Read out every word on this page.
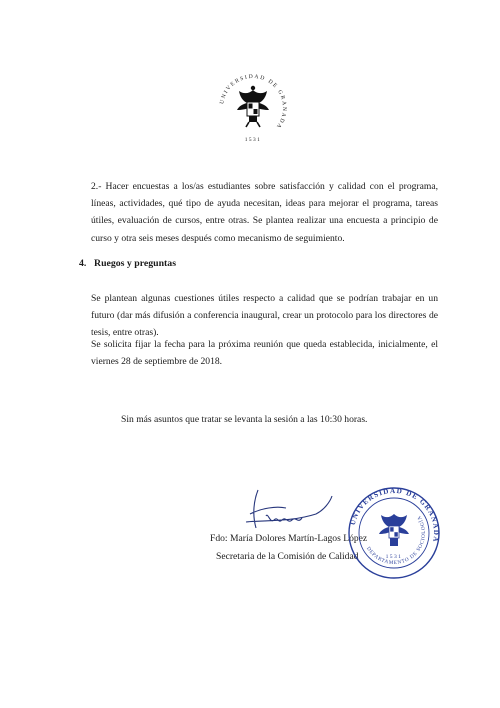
UNIVERSIDAD DE GRANADA
1531

2.- Hacer encuestas a los/as estudiantes sobre satisfacción y calidad con el programa, líneas, actividades, qué tipo de ayuda necesitan, ideas para mejorar el programa, tareas útiles, evaluación de cursos, entre otras. Se plantea realizar una encuesta a principio de curso y otra seis meses después como mecanismo de seguimiento.

4. Ruegos y preguntas

Se plantean algunas cuestiones útiles respecto a calidad que se podrían trabajar en un futuro (dar más difusión a conferencia inaugural, crear un protocolo para los directores de tesis, entre otras).

Se solicita fijar la fecha para la próxima reunión que queda establecida, inicialmente, el viernes 28 de septiembre de 2018.

Sin más asuntos que tratar se levanta la sesión a las 10:30 horas.
Fdo: María Dolores Martín-Lagos López
Secretaria de la Comisión de Calidad
UNIVERSIDAD DE GRANADA
DEPARTAMENTO DE SOCIOLOGÍA
1531
